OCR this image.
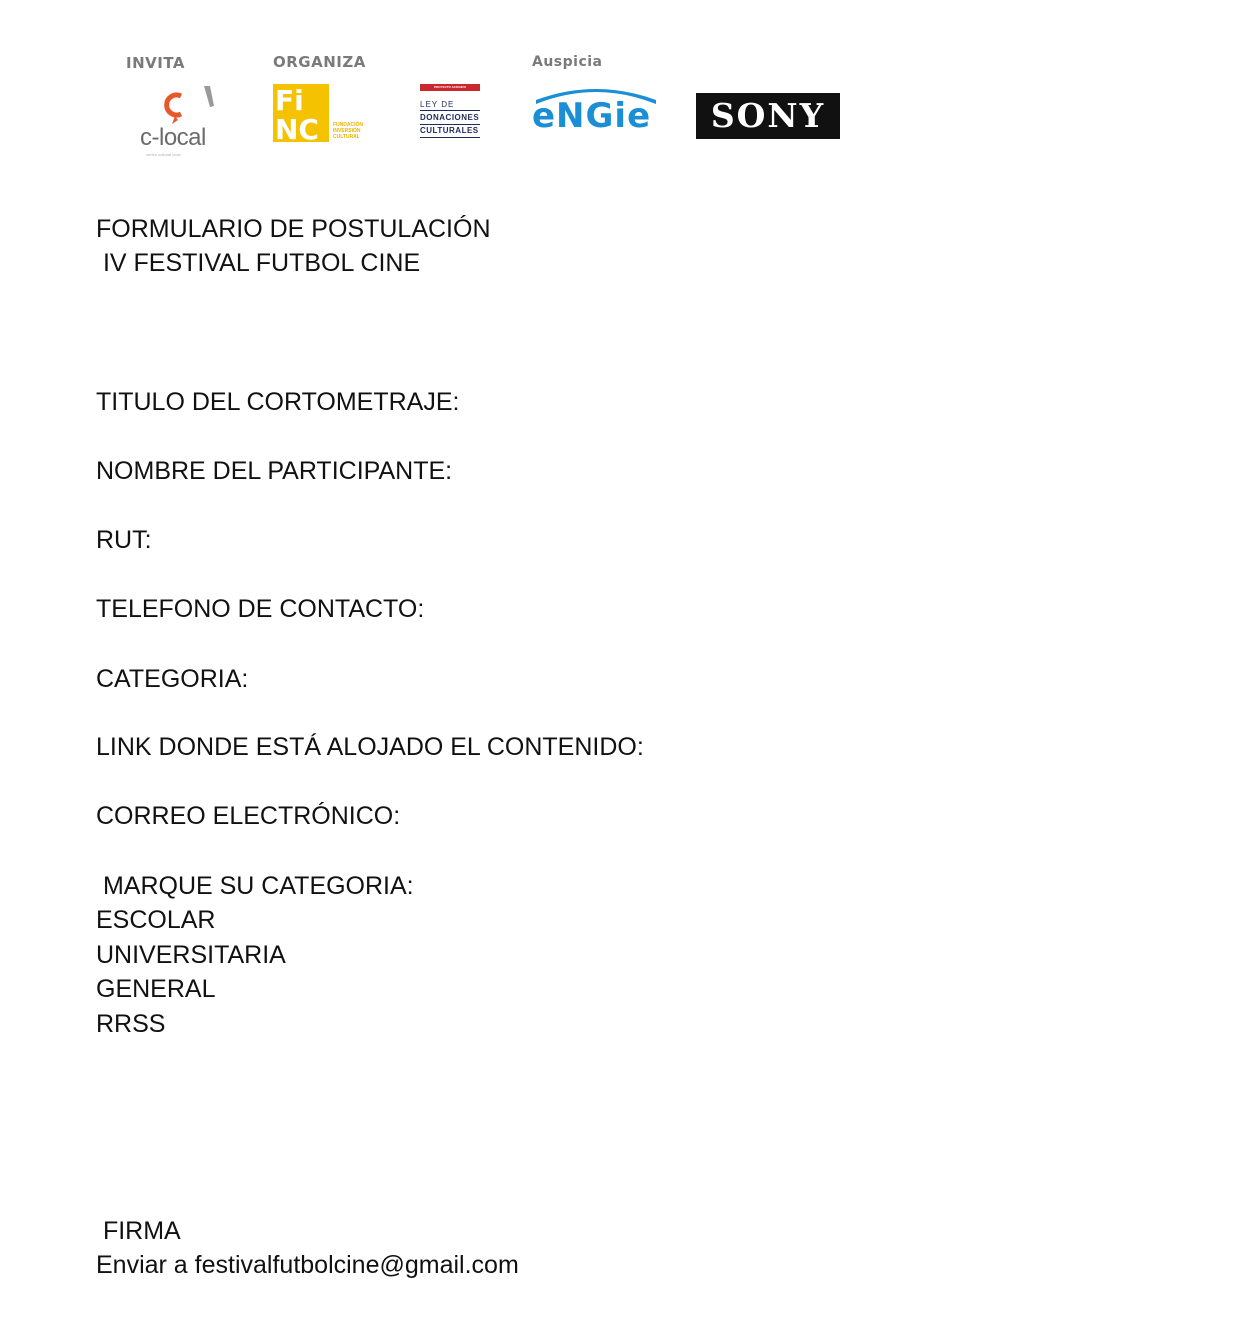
INVITA	ORGANIZA	Auspicia
c-local
centro cultural local
Fi
NC	FUNDACIÓN
INVERSIÓN
CULTURAL
PROYECTO ACOGIDO
LEY DE
DONACIONES
CULTURALES eNGie	SONY
FORMULARIO DE POSTULACIÓN
IV FESTIVAL FUTBOL CINE
TITULO DEL CORTOMETRAJE:
NOMBRE DEL PARTICIPANTE:
RUT:
TELEFONO DE CONTACTO:
CATEGORIA:
LINK DONDE ESTÁ ALOJADO EL CONTENIDO:
CORREO ELECTRÓNICO:
MARQUE SU CATEGORIA:
ESCOLAR
UNIVERSITARIA
GENERAL
RRSS
FIRMA
Enviar a festivalfutbolcine@gmail.com
